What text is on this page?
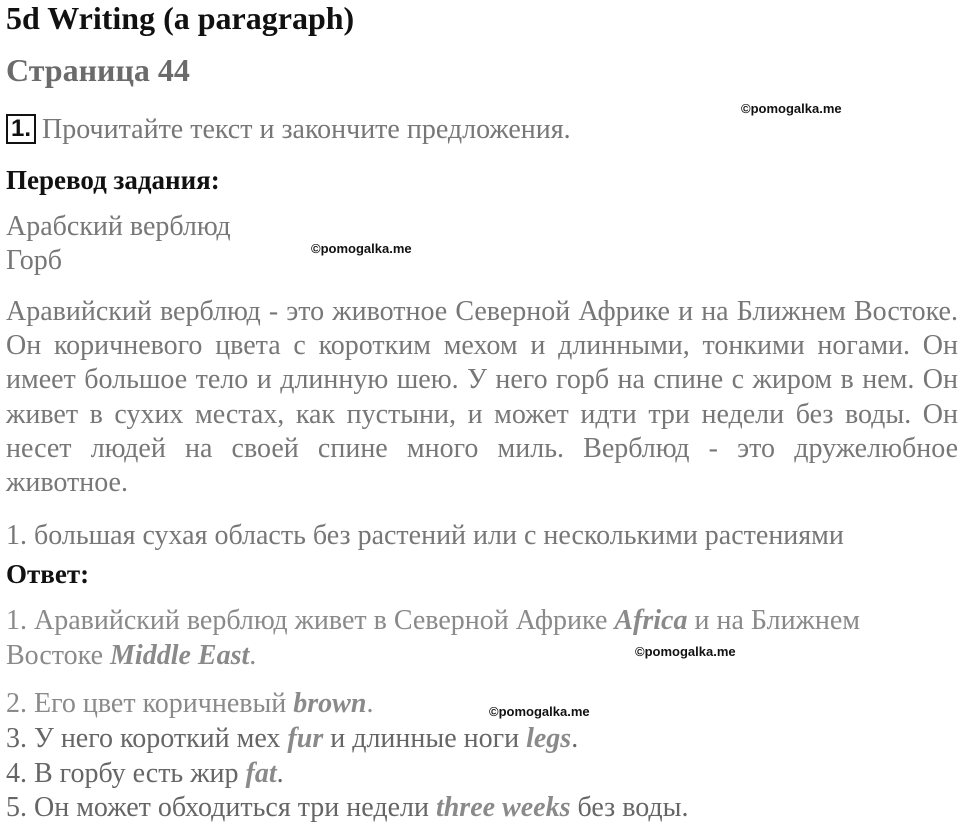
5d Writing (a paragraph)
Страница 44
1. Прочитайте текст и закончите предложения.
Перевод задания:
Арабский верблюд
Горб
Аравийский верблюд - это животное Северной Африке и на Ближнем Востоке. Он коричневого цвета с коротким мехом и длинными, тонкими ногами. Он имеет большое тело и длинную шею. У него горб на спине с жиром в нем. Он живет в сухих местах, как пустыни, и может идти три недели без воды. Он несет людей на своей спине много миль. Верблюд - это дружелюбное животное.
1. большая сухая область без растений или с несколькими растениями
Ответ:
1. Аравийский верблюд живет в Северной Африке Africa и на Ближнем Востоке Middle East.
2. Его цвет коричневый brown.
3. У него короткий мех fur и длинные ноги legs.
4. В горбу есть жир fat.
5. Он может обходиться три недели three weeks без воды.
©pomogalka.me
©pomogalka.me
©pomogalka.me
©pomogalka.me
